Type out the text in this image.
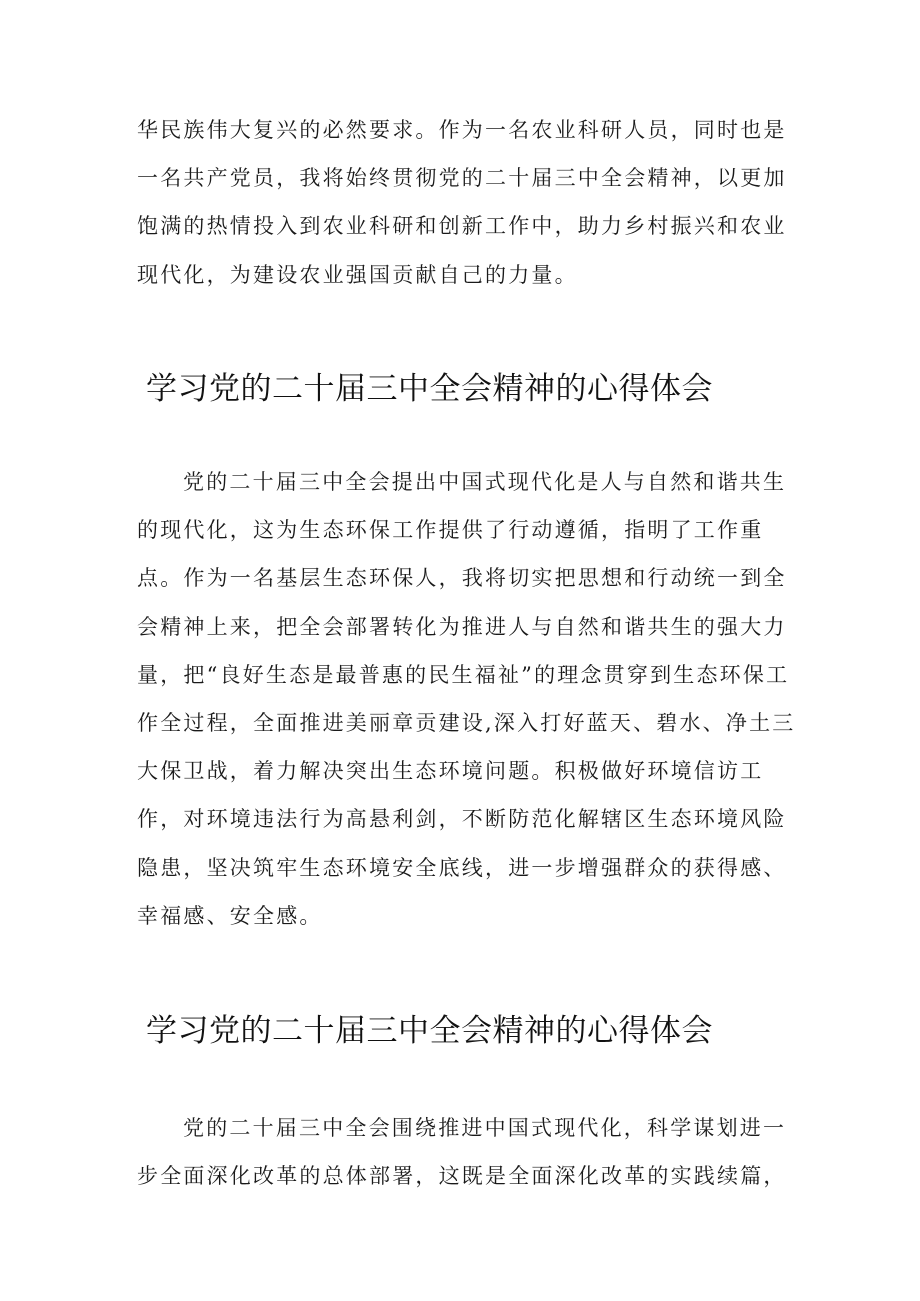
华民族伟大复兴的必然要求。作为一名农业科研人员，同时也是一名共产党员，我将始终贯彻党的二十届三中全会精神，以更加饱满的热情投入到农业科研和创新工作中，助力乡村振兴和农业现代化，为建设农业强国贡献自己的力量。

学习党的二十届三中全会精神的心得体会

党的二十届三中全会提出中国式现代化是人与自然和谐共生的现代化，这为生态环保工作提供了行动遵循，指明了工作重点。作为一名基层生态环保人，我将切实把思想和行动统一到全会精神上来，把全会部署转化为推进人与自然和谐共生的强大力量，把“良好生态是最普惠的民生福祉”的理念贯穿到生态环保工作全过程，全面推进美丽章贡建设,深入打好蓝天、碧水、净土三大保卫战，着力解决突出生态环境问题。积极做好环境信访工作，对环境违法行为高悬利剑，不断防范化解辖区生态环境风险隐患，坚决筑牢生态环境安全底线，进一步增强群众的获得感、幸福感、安全感。

学习党的二十届三中全会精神的心得体会

党的二十届三中全会围绕推进中国式现代化，科学谋划进一步全面深化改革的总体部署，这既是全面深化改革的实践续篇，
